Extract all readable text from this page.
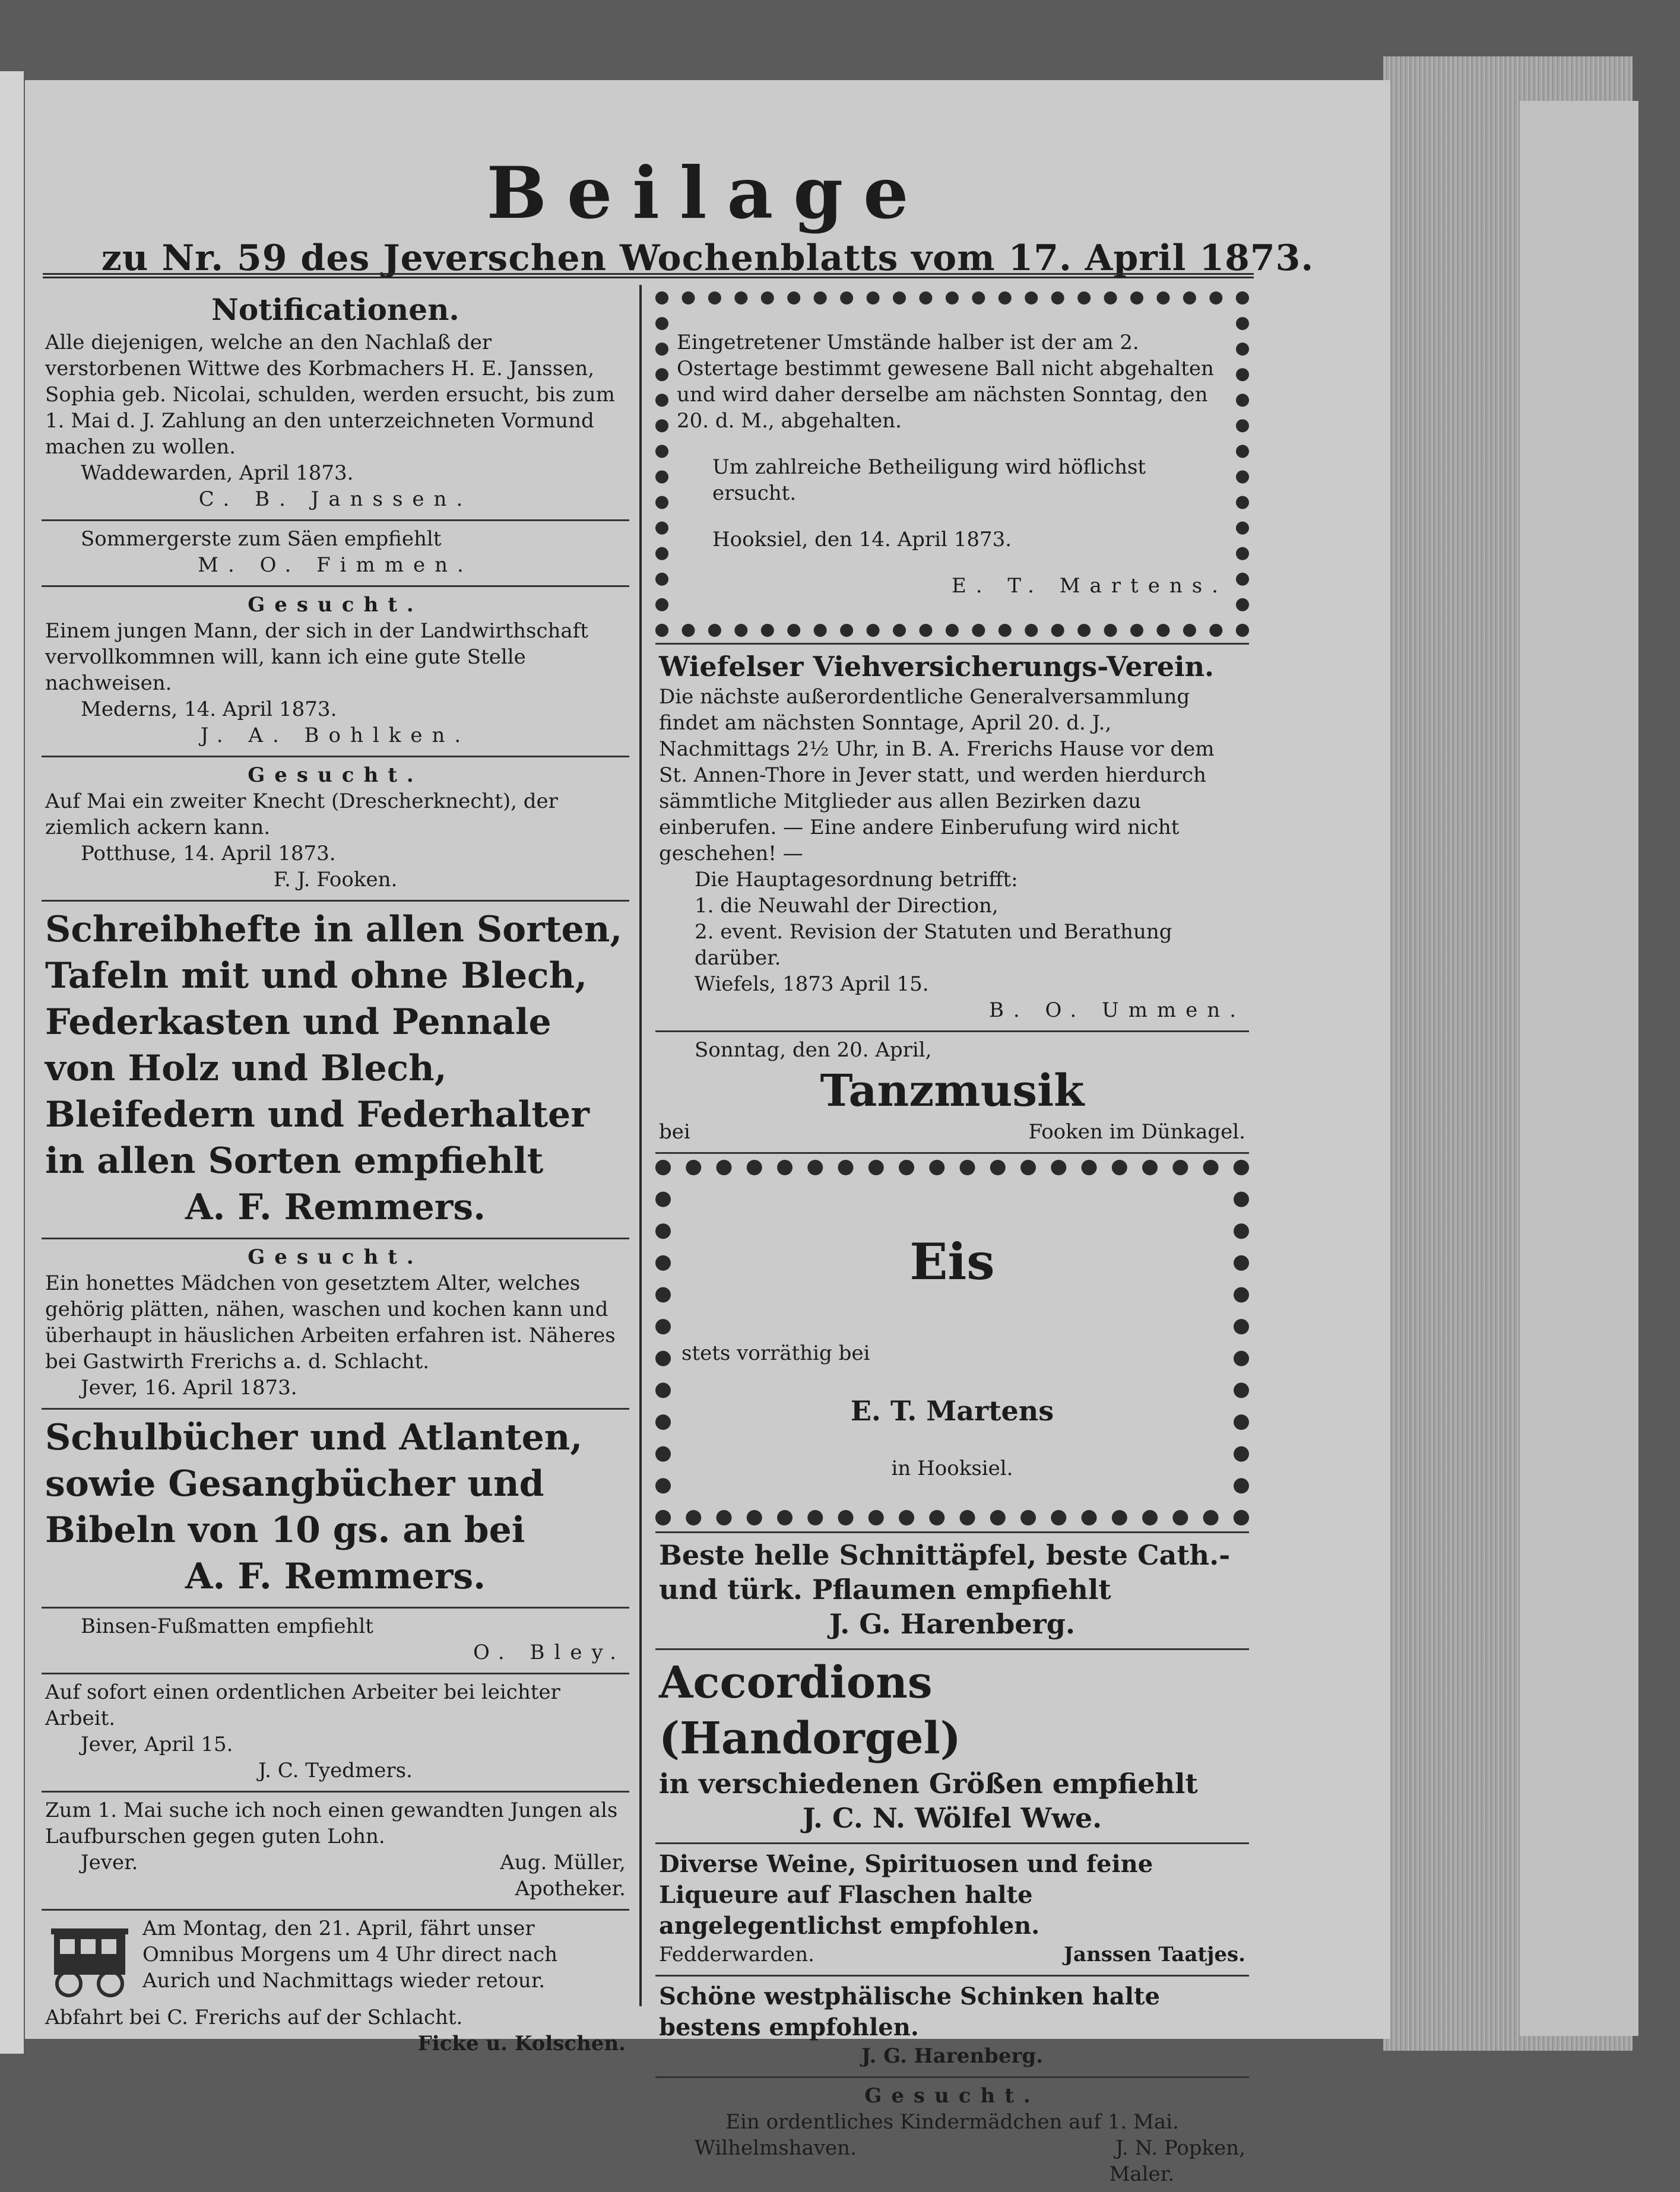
Beilage
zu Nr. 59 des Jeverschen Wochenblatts vom 17. April 1873.
Notificationen.

Alle diejenigen, welche an den Nachlaß der verstorbenen Wittwe des Korbmachers H. E. Janssen, Sophia geb. Nicolai, schulden, werden ersucht, bis zum 1. Mai d. J. Zahlung an den unterzeichneten Vormund machen zu wollen.

Waddewarden, April 1873.

C. B. Janssen.

Sommergerste zum Säen empfiehlt

M. O. Fimmen.

Gesucht.

Einem jungen Mann, der sich in der Landwirthschaft vervollkommnen will, kann ich eine gute Stelle nachweisen.

Mederns, 14. April 1873.

J. A. Bohlken.

Gesucht.

Auf Mai ein zweiter Knecht (Drescherknecht), der ziemlich ackern kann.

Potthuse, 14. April 1873.

F. J. Fooken.

Schreibhefte in allen Sorten, Tafeln mit und ohne Blech, Federkasten und Pennale von Holz und Blech, Bleifedern und Federhalter in allen Sorten empfiehlt

A. F. Remmers.

Gesucht.

Ein honettes Mädchen von gesetztem Alter, welches gehörig plätten, nähen, waschen und kochen kann und überhaupt in häuslichen Arbeiten erfahren ist. Näheres bei Gastwirth Frerichs a. d. Schlacht.

Jever, 16. April 1873.

Schulbücher und Atlanten, sowie Gesangbücher und Bibeln von 10 gs. an bei

A. F. Remmers.

Binsen-Fußmatten empfiehlt

O. Bley.

Auf sofort einen ordentlichen Arbeiter bei leichter Arbeit.

Jever, April 15.

J. C. Tyedmers.

Zum 1. Mai suche ich noch einen gewandten Jungen als Laufburschen gegen guten Lohn.

Jever.	Aug. Müller,

Apotheker.

Am Montag, den 21. April, fährt unser Omnibus Morgens um 4 Uhr direct nach Aurich und Nachmittags wieder retour.

Abfahrt bei C. Frerichs auf der Schlacht.

Ficke u. Kolschen.

Eingetretener Umstände halber ist der am 2. Ostertage bestimmt gewesene Ball nicht abgehalten und wird daher derselbe am nächsten Sonntag, den 20. d. M., abgehalten.

Um zahlreiche Betheiligung wird höflichst ersucht.

Hooksiel, den 14. April 1873.

E. T. Martens.

Wiefelser Viehversicherungs-Verein.

Die nächste außerordentliche Generalversammlung findet am nächsten Sonntage, April 20. d. J., Nachmittags 2½ Uhr, in B. A. Frerichs Hause vor dem St. Annen-Thore in Jever statt, und werden hierdurch sämmtliche Mitglieder aus allen Bezirken dazu einberufen. — Eine andere Einberufung wird nicht geschehen! —

Die Hauptagesordnung betrifft:

1. die Neuwahl der Direction,

2. event. Revision der Statuten und Berathung darüber.

Wiefels, 1873 April 15.

B. O. Ummen.

Sonntag, den 20. April,

Tanzmusik

bei	Fooken im Dünkagel.

Eis

stets vorräthig bei

E. T. Martens

in Hooksiel.

Beste helle Schnittäpfel, beste Cath.- und türk. Pflaumen empfiehlt

J. G. Harenberg.

Accordions (Handorgel)

in verschiedenen Größen empfiehlt

J. C. N. Wölfel Wwe.

Diverse Weine, Spirituosen und feine Liqueure auf Flaschen halte angelegentlichst empfohlen.

Fedderwarden.	Janssen Taatjes.

Schöne westphälische Schinken halte bestens empfohlen.

J. G. Harenberg.

Gesucht.

Ein ordentliches Kindermädchen auf 1. Mai.

Wilhelmshaven.	J. N. Popken,

Maler.
